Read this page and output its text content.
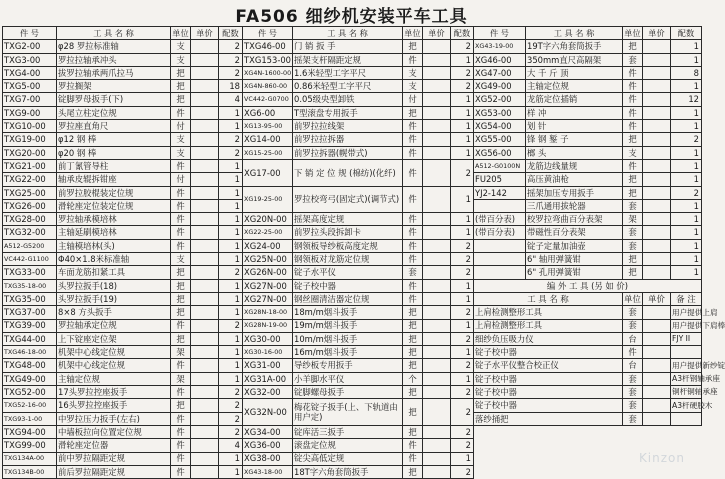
FA506 细纱机安装平车工具
件 号	工 具 名 称	单位	单价	配数
TXG2-00	φ28 罗拉标准轴	支		2
TXG3-00	罗拉拉轴承冲头	支		2
TXG4-00	拔罗拉轴承两爪拉马	把		2
TXG5-00	罗拉搁架	把		18
TXG7-00	锭脚罗母扳手(下)	把		4
TXG9-00	头尾立柱定位规	件		1
TXG10-00	罗拉座直角尺	付		1
TXG19-00	φ12 钢 棒	支		2
TXG20-00	φ20 钢 棒	支		2
TXG21-00	前丁氰管导柱	件		1
TXG22-00	轴承皮辊拆钳座	付		1
TXG25-00	前罗拉胶棍装定位规	件		1
TXG26-00	滑轮座定位装定位规	件		1
TXG28-00	罗拉轴承模培林	件		1
TXG32-00	主轴延刷模培林	件		1
A512-G5200	主轴模培林(头)	件		1
VC442-G1100	Φ40×1.8米标准轴	支		1
TXG33-00	车面龙筋扣紧工具	把		2
TXG35-18-00	头罗拉扳手(18)	把		1
TXG35-00	头罗拉扳手(19)	把		1
TXG37-00	8×8 方头扳手	把		1
TXG39-00	罗拉轴承定位规	件		2
TXG44-00	上下锭座定位架	把		1
TXG46-18-00	机架中心线定位规	架		1
TXG48-00	机架中心线定位规	件		1
TXG49-00	主轴定位规	架		1
TXG52-00	17头罗拉控座扳手	件		2
TXG52-16-00	16头罗拉控座扳手	把		2
TXG93-1-00	中罗拉压力扳手(左右)	件		2
TXG94-00	中墙板拉向位置定位规	件		2
TXG99-00	滑轮座定位器	件		4
TXG134A-00	前中罗拉隔距定规	件		1
TXG134B-00	前后罗拉隔距定规	件		1
件 号	工 具 名 称	单位	单价	配数
TXG46-00	门 销 扳 手	把		2
TXG153-00	摇架支杆隔距定规	件		1
XG4N-1600-00	1.6米轻型工字平尺	支		2
XG4N-860-00	0.86米轻型工字平尺	支		2
VC442-G0700	0.05级央型卸铁	付		1
XG6-00	T型滚盘专用扳手	把		1
XG13-95-00	前罗拉拉线架	件		1
XG14-00	前罗拉拉拆器	件		1
XG15-25-00	前罗拉拆器(幌带式)	件		1
XG17-00	下 销 定 位 规 (棉纺)(化纤)	件		2
XG19-25-00	罗拉校弯弓(固定式)(调节式)	件		1
XG20N-00	摇架高度定规	件		1
XG22-25-00	前罗拉头段拆卸卡	件		1
XG24-00	钢领板导纱板高度定规	件		2
XG25N-00	钢领板对龙筋定位规	件		2
XG26N-00	锭子水平仪	套		2
XG27N-00	锭子校中器	件		1
XG27N-00	钢丝圈清洁器定位规	件		1
XG28N-18-00	18m/m烟斗扳手	把		2
XG28N-19-00	19m/m烟斗扳手	把		1
XG30-00	10m/m烟斗扳手	把		2
XG30-16-00	16m/m烟斗扳手	把		1
XG31-00	导纱板专用扳手	把		2
XG31A-00	小羊脚水平仪	个		1
XG32-00	锭脚螺母扳手	把		2
XG32N-00	梅花锭子扳手(上、下轨道由用户定)	把		2
XG34-00	锭库活三扳手	把		2
XG36-00	滚盘定位规	件		2
XG38-00	锭尖高低定规	件		1
XG43-18-00	18T字六角套筒扳手	把		2
件 号	工 具 名 称	单位	单价	配数
XG43-19-00	19T字六角套筒扳手	把		1
XG46-00	350mm直尺高隔架	套		1
XG47-00	大 千 斤 顶	件		8
XG49-00	主轴定位规	件		1
XG52-00	龙筋定位插销	件		12
XG53-00	样 冲	件		1
XG54-00	划 针	件		1
XG55-00	锋 钢 錾 子	把		2
XG56-00	榔 头	支		1
A512-G0100N	龙筋边线量规	件		1
FU205	高压黄油枪	把		1
YJ2-142	摇架加压专用扳手	把		2
	三爪通用拔轮器	套		1
(带百分表)	校罗拉弯曲百分表架	架		1
(带百分表)	带磁性百分表架	套		1
	锭子定量加油壶	套		1
	6" 轴用弹簧钳	把		1
	6" 孔用弹簧钳	把		1
编 外 工 具 (另 如 价)				
工 具 名 称		单位	单价	备 注
上肩检测整形工具		套		用户提供上肩
上肩检测整形工具		套		用户提供下肩棒
细纱负压吸力仪		台		FJY II
锭子校中器		件		
锭子水平仪整合校正仪		台		用户提供新纱锭
锭子校中器		套		A3杆钢轴承座
锭子校中器		套		铜杆铜轴承座
锭子校中器		套		A3杆硬胶木
落纱捅把		套		
Kinzon
